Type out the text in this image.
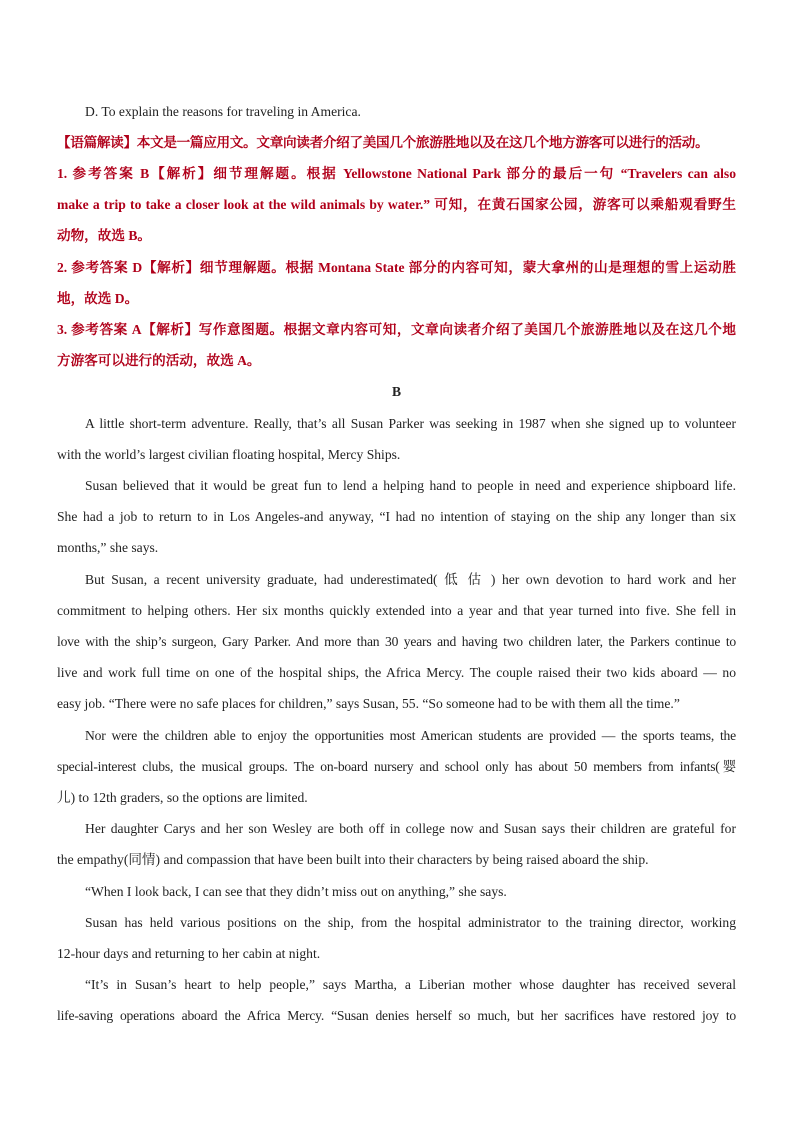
D. To explain the reasons for traveling in America.
【语篇解读】本文是一篇应用文。文章向读者介绍了美国几个旅游胜地以及在这几个地方游客可以进行的活动。
1. 参考答案 B【解析】细节理解题。根据 Yellowstone National Park 部分的最后一句 “Travelers can also
make a trip to take a closer look at the wild animals by water.” 可知，在黄石国家公园，游客可以乘船观看野生
动物，故选 B。
2. 参考答案 D【解析】细节理解题。根据 Montana State 部分的内容可知，蒙大拿州的山是理想的雪上运动胜
地，故选 D。
3. 参考答案 A【解析】写作意图题。根据文章内容可知，文章向读者介绍了美国几个旅游胜地以及在这几个地
方游客可以进行的活动，故选 A。
B
A little short-term adventure. Really, that’s all Susan Parker was seeking in 1987 when she signed up to volunteer
with the world’s largest civilian floating hospital, Mercy Ships.
Susan believed that it would be great fun to lend a helping hand to people in need and experience shipboard life.
She had a job to return to in Los Angeles-and anyway, “I had no intention of staying on the ship any longer than six
months,” she says.
But Susan, a recent university graduate, had underestimated( 低 估 ) her own devotion to hard work and her
commitment to helping others. Her six months quickly extended into a year and that year turned into five. She fell in
love with the ship’s surgeon, Gary Parker. And more than 30 years and having two children later, the Parkers continue to
live and work full time on one of the hospital ships, the Africa Mercy. The couple raised their two kids aboard — no
easy job. “There were no safe places for children,” says Susan, 55. “So someone had to be with them all the time.”
Nor were the children able to enjoy the opportunities most American students are provided — the sports teams, the
special-interest clubs, the musical groups. The on-board nursery and school only has about 50 members from infants(婴
儿) to 12th graders, so the options are limited.
Her daughter Carys and her son Wesley are both off in college now and Susan says their children are grateful for
the empathy(同情) and compassion that have been built into their characters by being raised aboard the ship.
“When I look back, I can see that they didn’t miss out on anything,” she says.
Susan has held various positions on the ship, from the hospital administrator to the training director, working
12-hour days and returning to her cabin at night.
“It’s in Susan’s heart to help people,” says Martha, a Liberian mother whose daughter has received several
life-saving operations aboard the Africa Mercy. “Susan denies herself so much, but her sacrifices have restored joy to
